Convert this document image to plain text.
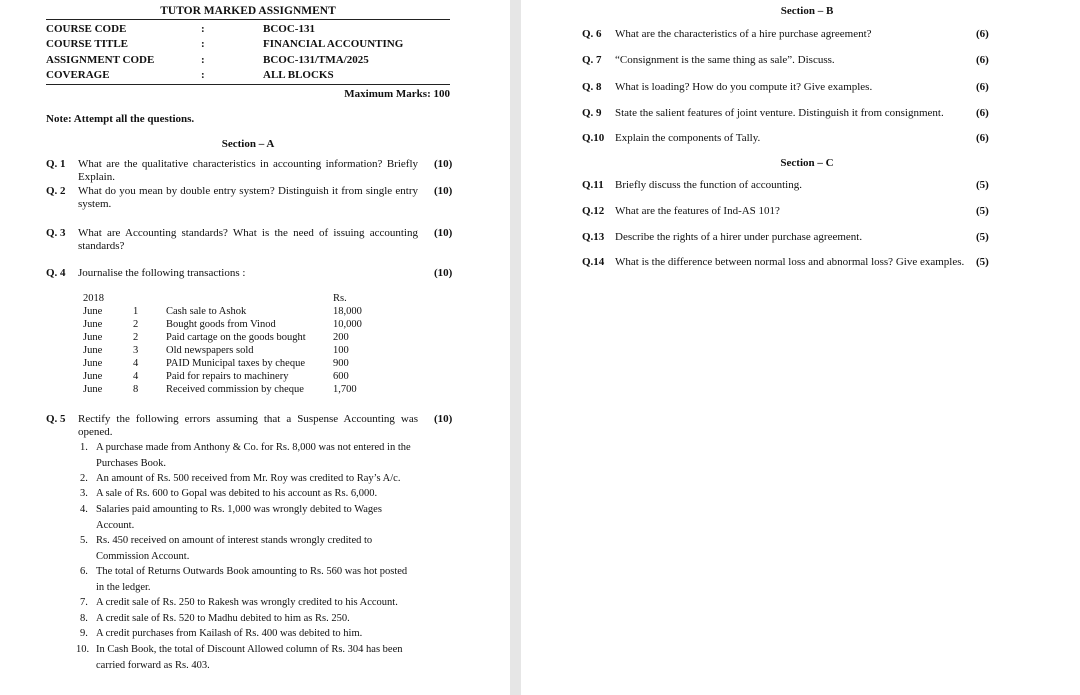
TUTOR MARKED ASSIGNMENT
COURSE CODE	:	BCOC-131
COURSE TITLE	:	FINANCIAL ACCOUNTING
ASSIGNMENT CODE	:	BCOC-131/TMA/2025
COVERAGE	:	ALL BLOCKS
Maximum Marks: 100
Note: Attempt all the questions.
Section – A
Q. 1 What are the qualitative characteristics in accounting information? Briefly Explain.
(10)
Q. 2 What do you mean by double entry system? Distinguish it from single entry system.
(10)
Q. 3 What are Accounting standards? What is the need of issuing accounting standards?
(10)
Q. 4 Journalise the following transactions :	(10)
2018	Rs.
June	1	Cash sale to Ashok	18,000
June	2	Bought goods from Vinod	10,000
June	2	Paid cartage on the goods bought	200
June	3	Old newspapers sold	100
June	4	PAID Municipal taxes by cheque	900
June	4	Paid for repairs to machinery	600
June	8	Received commission by cheque	1,700
Q. 5 Rectify the following errors assuming that a Suspense Accounting was opened.
(10)
1. A purchase made from Anthony & Co. for Rs. 8,000 was not entered in the Purchases Book.
2. An amount of Rs. 500 received from Mr. Roy was credited to Ray’s A/c.
3. A sale of Rs. 600 to Gopal was debited to his account as Rs. 6,000.
4. Salaries paid amounting to Rs. 1,000 was wrongly debited to Wages Account.
5. Rs. 450 received on amount of interest stands wrongly credited to Commission Account.
6. The total of Returns Outwards Book amounting to Rs. 560 was hot posted in the ledger.
7. A credit sale of Rs. 250 to Rakesh was wrongly credited to his Account.
8. A credit sale of Rs. 520 to Madhu debited to him as Rs. 250.
9. A credit purchases from Kailash of Rs. 400 was debited to him.
10. In Cash Book, the total of Discount Allowed column of Rs. 304 has been carried forward as Rs. 403.
Section – B
Q. 6 What are the characteristics of a hire purchase agreement?	(6)
Q. 7 “Consignment is the same thing as sale”. Discuss.	(6)
Q. 8 What is loading? How do you compute it? Give examples.	(6)
Q. 9 State the salient features of joint venture. Distinguish it from consignment.	(6)
Q.10 Explain the components of Tally.	(6)
Section – C
Q.11 Briefly discuss the function of accounting.	(5)
Q.12 What are the features of Ind-AS 101?	(5)
Q.13 Describe the rights of a hirer under purchase agreement.	(5)
Q.14 What is the difference between normal loss and abnormal loss? Give examples.	(5)
